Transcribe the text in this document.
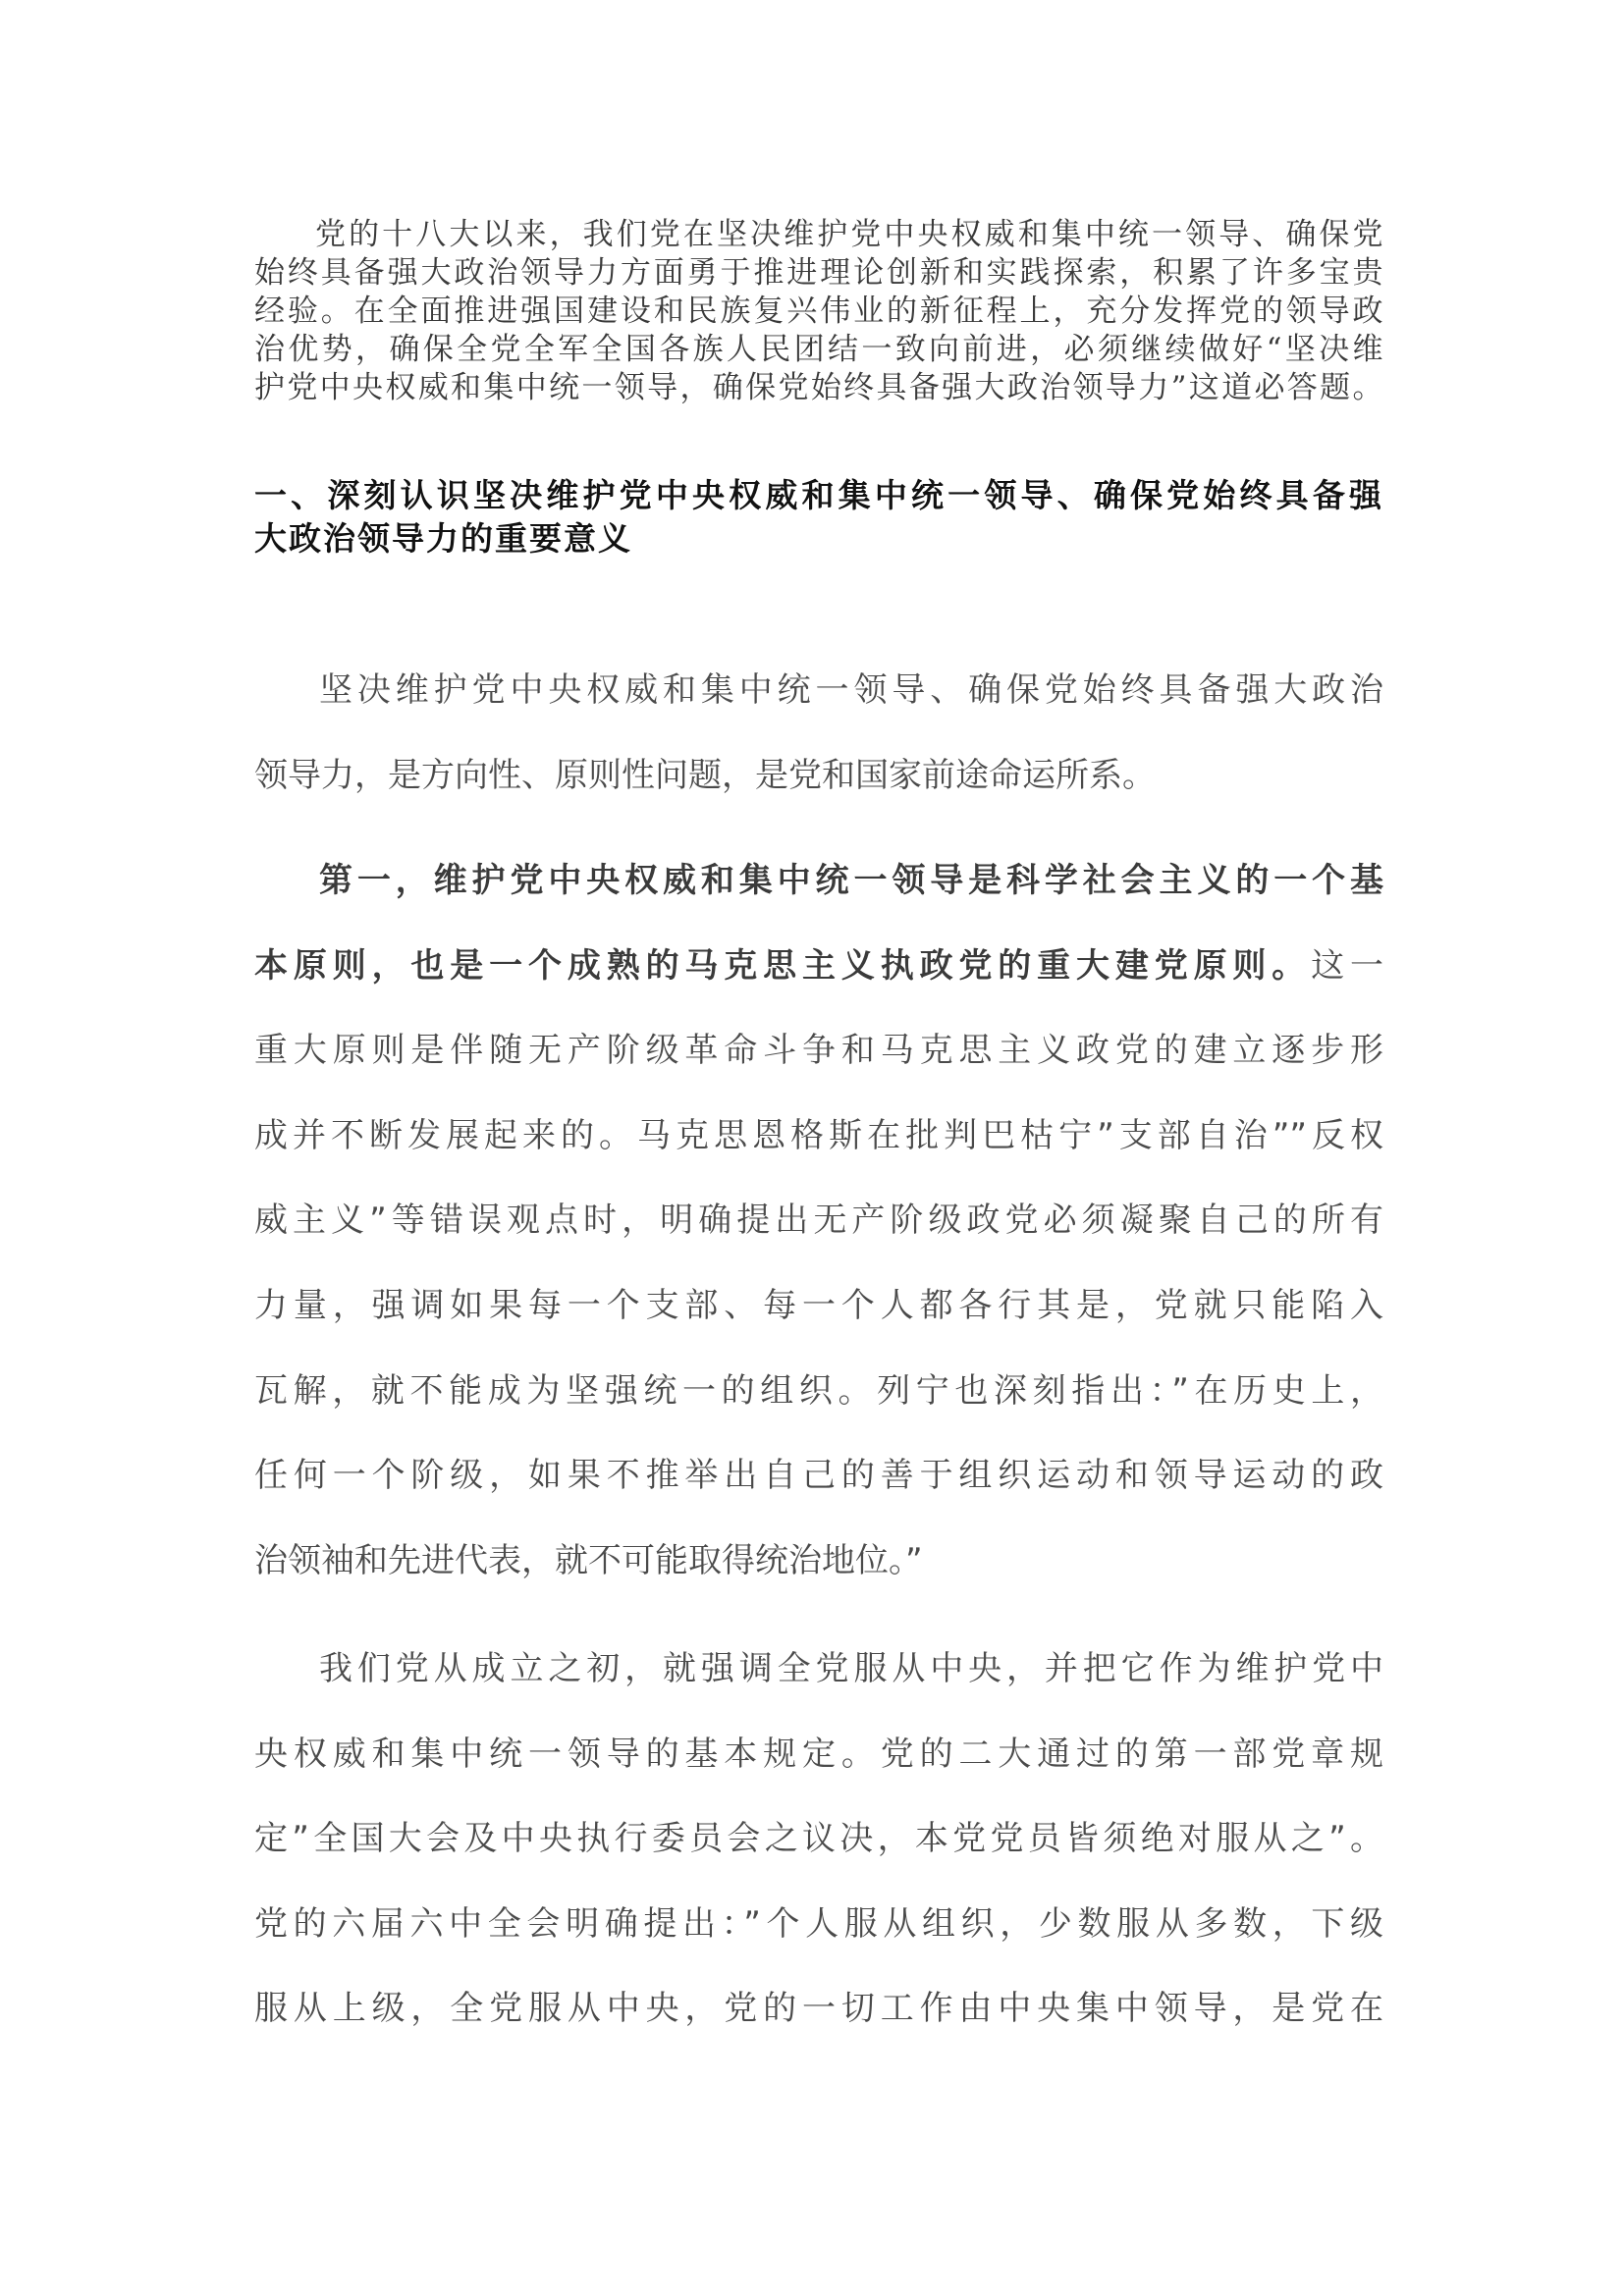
党的十八大以来，我们党在坚决维护党中央权威和集中统一领导、确保党
始终具备强大政治领导力方面勇于推进理论创新和实践探索，积累了许多宝贵
经验。在全面推进强国建设和民族复兴伟业的新征程上，充分发挥党的领导政
治优势，确保全党全军全国各族人民团结一致向前进，必须继续做好“坚决维
护党中央权威和集中统一领导，确保党始终具备强大政治领导力”这道必答题。
一、深刻认识坚决维护党中央权威和集中统一领导、确保党始终具备强
大政治领导力的重要意义
坚决维护党中央权威和集中统一领导、确保党始终具备强大政治
领导力，是方向性、原则性问题，是党和国家前途命运所系。
第一，维护党中央权威和集中统一领导是科学社会主义的一个基
本原则，也是一个成熟的马克思主义执政党的重大建党原则。这一
重大原则是伴随无产阶级革命斗争和马克思主义政党的建立逐步形
成并不断发展起来的。马克思恩格斯在批判巴枯宁”支部自治””反权
威主义”等错误观点时，明确提出无产阶级政党必须凝聚自己的所有
力量，强调如果每一个支部、每一个人都各行其是，党就只能陷入
瓦解，就不能成为坚强统一的组织。列宁也深刻指出：”在历史上，
任何一个阶级，如果不推举出自己的善于组织运动和领导运动的政
治领袖和先进代表，就不可能取得统治地位。”
我们党从成立之初，就强调全党服从中央，并把它作为维护党中
央权威和集中统一领导的基本规定。党的二大通过的第一部党章规
定”全国大会及中央执行委员会之议决，本党党员皆须绝对服从之”。
党的六届六中全会明确提出：”个人服从组织，少数服从多数，下级
服从上级，全党服从中央，党的一切工作由中央集中领导，是党在
